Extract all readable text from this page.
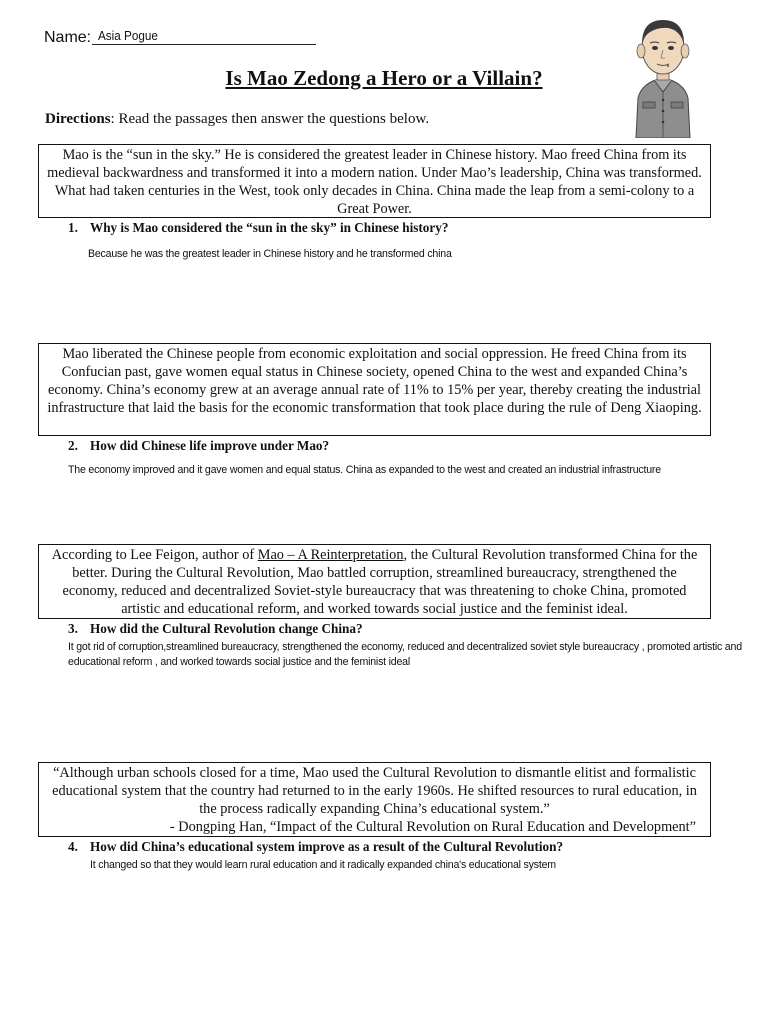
Name: Asia Pogue
Is Mao Zedong a Hero or a Villain?
Directions: Read the passages then answer the questions below.
Mao is the “sun in the sky.” He is considered the greatest leader in Chinese history. Mao freed China from its medieval backwardness and transformed it into a modern nation. Under Mao’s leadership, China was transformed. What had taken centuries in the West, took only decades in China. China made the leap from a semi-colony to a Great Power.
1. Why is Mao considered the “sun in the sky” in Chinese history?
Because he was the greatest leader in Chinese history and he transformed china
Mao liberated the Chinese people from economic exploitation and social oppression. He freed China from its Confucian past, gave women equal status in Chinese society, opened China to the west and expanded China’s economy. China’s economy grew at an average annual rate of 11% to 15% per year, thereby creating the industrial infrastructure that laid the basis for the economic transformation that took place during the rule of Deng Xiaoping.
2. How did Chinese life improve under Mao?
The economy improved and it gave women and equal status. China as expanded to the west and created an industrial infrastructure
According to Lee Feigon, author of Mao – A Reinterpretation, the Cultural Revolution transformed China for the better. During the Cultural Revolution, Mao battled corruption, streamlined bureaucracy, strengthened the economy, reduced and decentralized Soviet-style bureaucracy that was threatening to choke China, promoted artistic and educational reform, and worked towards social justice and the feminist ideal.
3. How did the Cultural Revolution change China?
It got rid of corruption,streamlined bureaucracy, strengthened the economy, reduced and decentralized soviet style bureaucracy , promoted artistic and educational reform , and worked towards social justice and the feminist ideal
“Although urban schools closed for a time, Mao used the Cultural Revolution to dismantle elitist and formalistic educational system that the country had returned to in the early 1960s. He shifted resources to rural education, in the process radically expanding China’s educational system.”
- Dongping Han, “Impact of the Cultural Revolution on Rural Education and Development”
4. How did China’s educational system improve as a result of the Cultural Revolution?
It changed so that they would learn rural education and it radically expanded china's educational system
